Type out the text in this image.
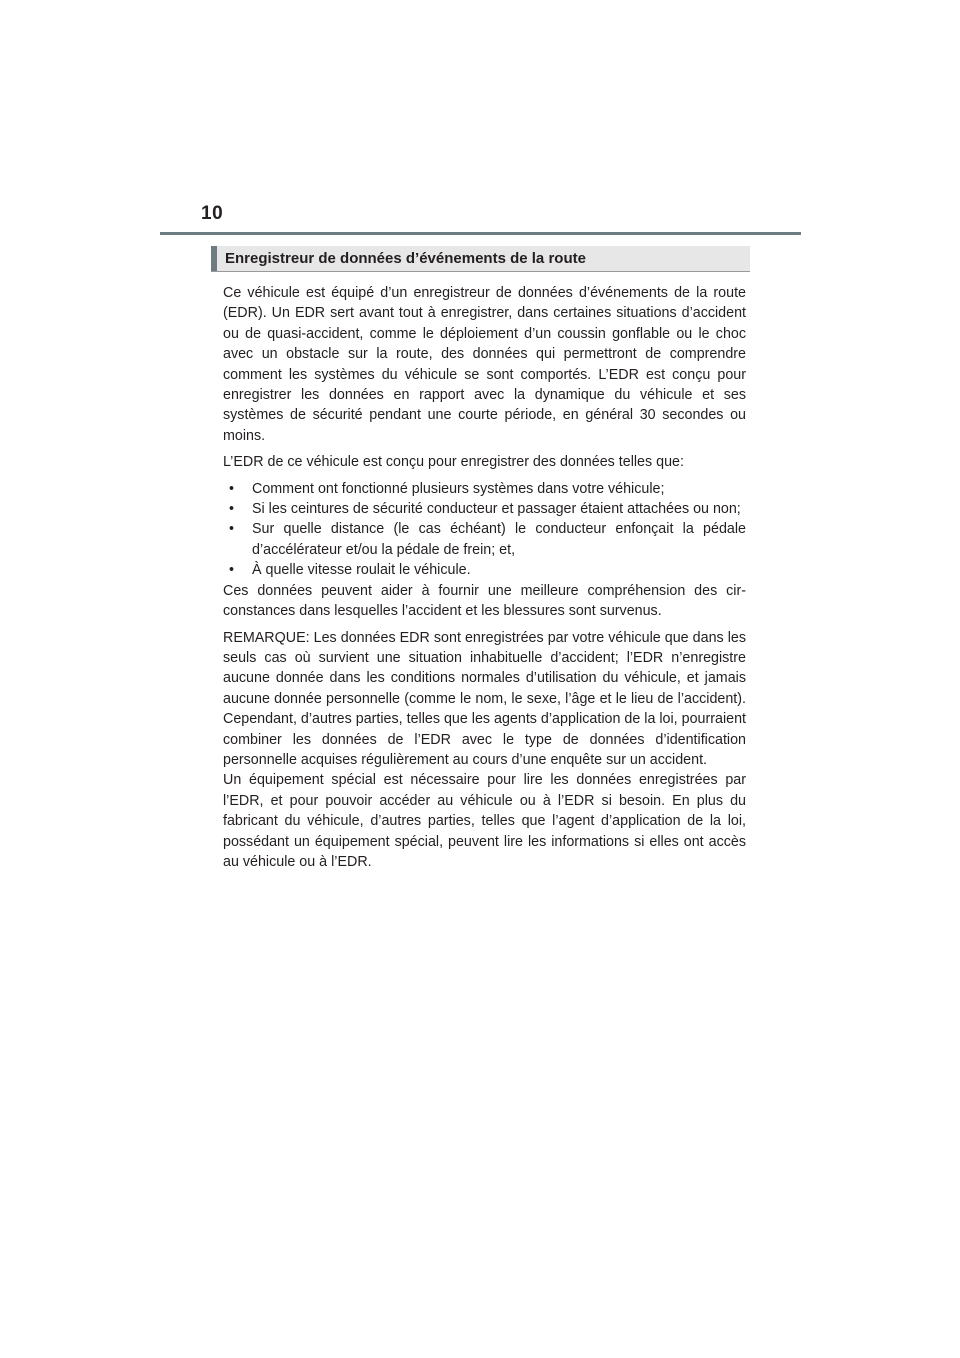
10
Enregistreur de données d’événements de la route

Ce véhicule est équipé d’un enregistreur de données d’événements de la route (EDR). Un EDR sert avant tout à enregistrer, dans certaines situations d’accident ou de quasi-accident, comme le déploiement d’un coussin gonflable ou le choc avec un obstacle sur la route, des données qui permettront de comprendre comment les systèmes du véhicule se sont comportés. L’EDR est conçu pour enregistrer les données en rapport avec la dynamique du véhicule et ses systèmes de sécurité pendant une courte période, en général 30 secondes ou moins.

L’EDR de ce véhicule est conçu pour enregistrer des données telles que:

• Comment ont fonctionné plusieurs systèmes dans votre véhicule;
• Si les ceintures de sécurité conducteur et passager étaient attachées ou non;
• Sur quelle distance (le cas échéant) le conducteur enfonçait la pédale d’accélérateur et/ou la pédale de frein; et,
• À quelle vitesse roulait le véhicule.

Ces données peuvent aider à fournir une meilleure compréhension des circonstances dans lesquelles l’accident et les blessures sont survenus.

REMARQUE: Les données EDR sont enregistrées par votre véhicule que dans les seuls cas où survient une situation inhabituelle d’accident; l’EDR n’enregistre aucune donnée dans les conditions normales d’utilisation du véhicule, et jamais aucune donnée personnelle (comme le nom, le sexe, l’âge et le lieu de l’accident). Cependant, d’autres parties, telles que les agents d’application de la loi, pourraient combiner les données de l’EDR avec le type de données d’identification personnelle acquises régulièrement au cours d’une enquête sur un accident.

Un équipement spécial est nécessaire pour lire les données enregistrées par l’EDR, et pour pouvoir accéder au véhicule ou à l’EDR si besoin. En plus du fabricant du véhicule, d’autres parties, telles que l’agent d’application de la loi, possédant un équipement spécial, peuvent lire les informations si elles ont accès au véhicule ou à l’EDR.
